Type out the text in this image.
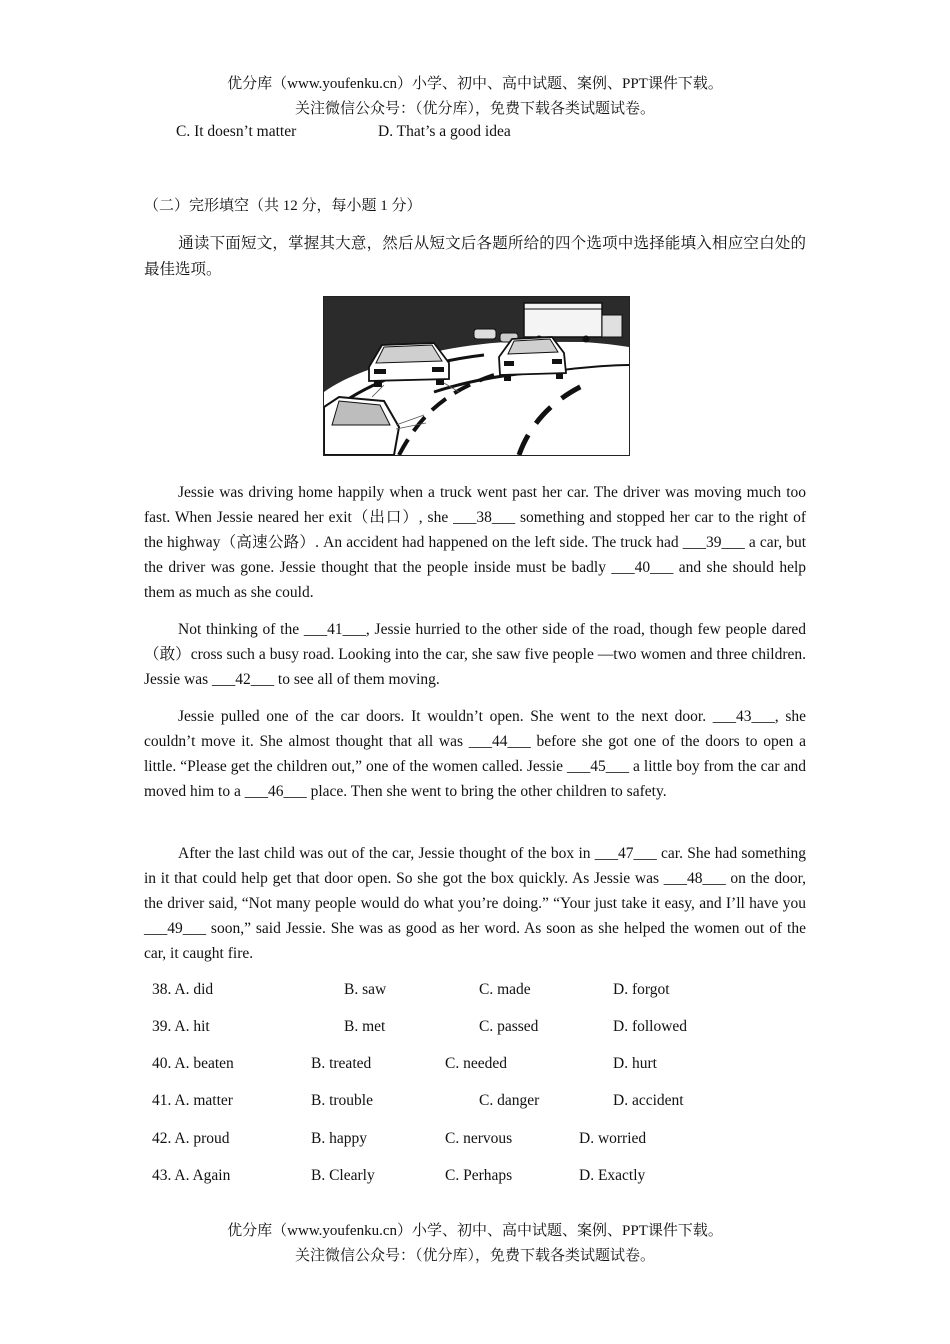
优分库（www.youfenku.cn）小学、初中、高中试题、案例、PPT课件下载。
关注微信公众号：（优分库），免费下载各类试题试卷。
C. It doesn’t matter	D. That’s a good idea
（二）完形填空（共 12 分，每小题 1 分）
通读下面短文，掌握其大意，然后从短文后各题所给的四个选项中选择能填入相应空白处的最佳选项。
Jessie was driving home happily when a truck went past her car. The driver was moving much too fast. When Jessie neared her exit（出口）, she ___38___ something and stopped her car to the right of the highway（高速公路）. An accident had happened on the left side. The truck had ___39___ a car, but the driver was gone. Jessie thought that the people inside must be badly ___40___ and she should help them as much as she could.
Not thinking of the ___41___, Jessie hurried to the other side of the road, though few people dared（敢）cross such a busy road. Looking into the car, she saw five people —two women and three children. Jessie was ___42___ to see all of them moving.
Jessie pulled one of the car doors. It wouldn’t open. She went to the next door. ___43___, she couldn’t move it. She almost thought that all was ___44___ before she got one of the doors to open a little. “Please get the children out,” one of the women called. Jessie ___45___ a little boy from the car and moved him to a ___46___ place. Then she went to bring the other children to safety.
After the last child was out of the car, Jessie thought of the box in ___47___ car. She had something in it that could help get that door open. So she got the box quickly. As Jessie was ___48___ on the door, the driver said, “Not many people would do what you’re doing.” “Your just take it easy, and I’ll have you ___49___ soon,” said Jessie. She was as good as her word. As soon as she helped the women out of the car, it caught fire.
38. A. did	B. saw	C. made	D. forgot
39. A. hit	B. met	C. passed	D. followed
40. A. beaten	B. treated	C. needed	D. hurt
41. A. matter	B. trouble	C. danger	D. accident
42. A. proud	B. happy	C. nervous	D. worried
43. A. Again	B. Clearly	C. Perhaps	D. Exactly
优分库（www.youfenku.cn）小学、初中、高中试题、案例、PPT课件下载。
关注微信公众号：（优分库），免费下载各类试题试卷。
